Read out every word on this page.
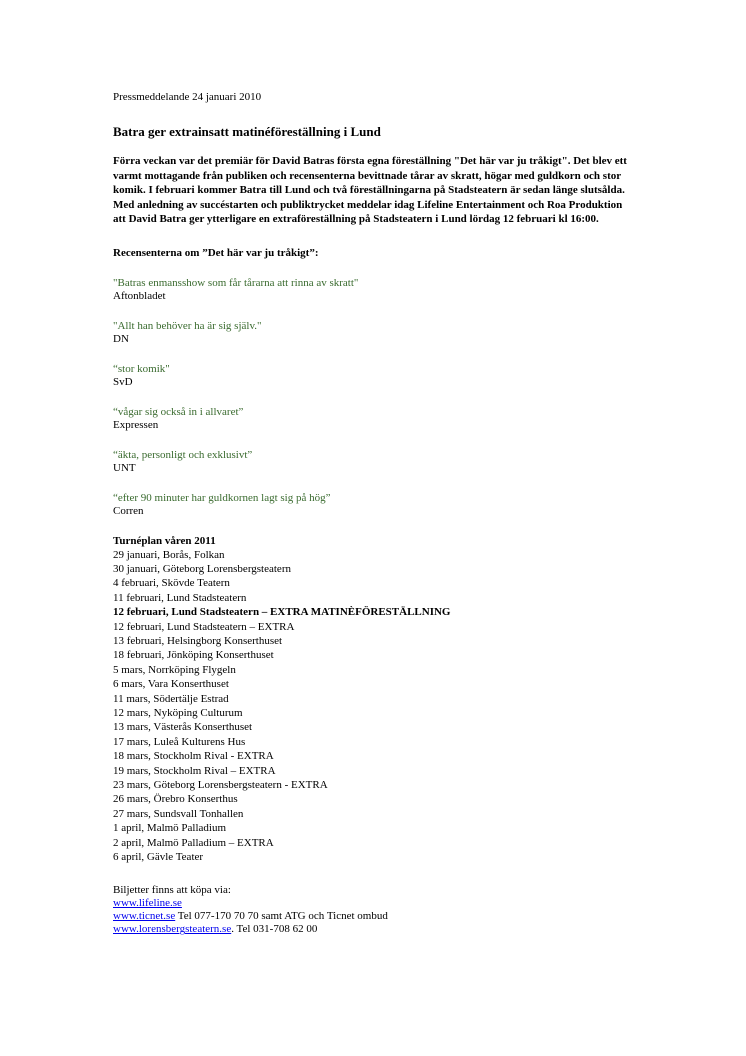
Pressmeddelande 24 januari 2010

Batra ger extrainsatt matinéföreställning i Lund

Förra veckan var det premiär för David Batras första egna föreställning "Det här var ju tråkigt". Det blev ett varmt mottagande från publiken och recensenterna bevittnade tårar av skratt, högar med guldkorn och stor komik. I februari kommer Batra till Lund och två föreställningarna på Stadsteatern är sedan länge slutsålda. Med anledning av succéstarten och publiktrycket meddelar idag Lifeline Entertainment och Roa Produktion att David Batra ger ytterligare en extraföreställning på Stadsteatern i Lund lördag 12 februari kl 16:00.

Recensenterna om ”Det här var ju tråkigt”:

"Batras enmansshow som får tårarna att rinna av skratt"
Aftonbladet
"Allt han behöver ha är sig själv."
DN
“stor komik"
SvD
“vågar sig också in i allvaret”
Expressen
“äkta, personligt och exklusivt”
UNT
“efter 90 minuter har guldkornen lagt sig på hög”
Corren
Turnéplan våren 2011
29 januari, Borås, Folkan
30 januari, Göteborg Lorensbergsteatern
4 februari, Skövde Teatern
11 februari, Lund Stadsteatern
12 februari, Lund Stadsteatern – EXTRA MATINÈFÖRESTÄLLNING
12 februari, Lund Stadsteatern – EXTRA
13 februari, Helsingborg Konserthuset
18 februari, Jönköping Konserthuset
5 mars, Norrköping Flygeln
6 mars, Vara Konserthuset
11 mars, Södertälje Estrad
12 mars, Nyköping Culturum
13 mars, Västerås Konserthuset
17 mars, Luleå Kulturens Hus
18 mars, Stockholm Rival - EXTRA
19 mars, Stockholm Rival – EXTRA
23 mars, Göteborg Lorensbergsteatern - EXTRA
26 mars, Örebro Konserthus
27 mars, Sundsvall Tonhallen
1 april, Malmö Palladium
2 april, Malmö Palladium – EXTRA
6 april, Gävle Teater
Biljetter finns att köpa via:
www.lifeline.se
www.ticnet.se Tel 077-170 70 70 samt ATG och Ticnet ombud
www.lorensbergsteatern.se. Tel 031-708 62 00
